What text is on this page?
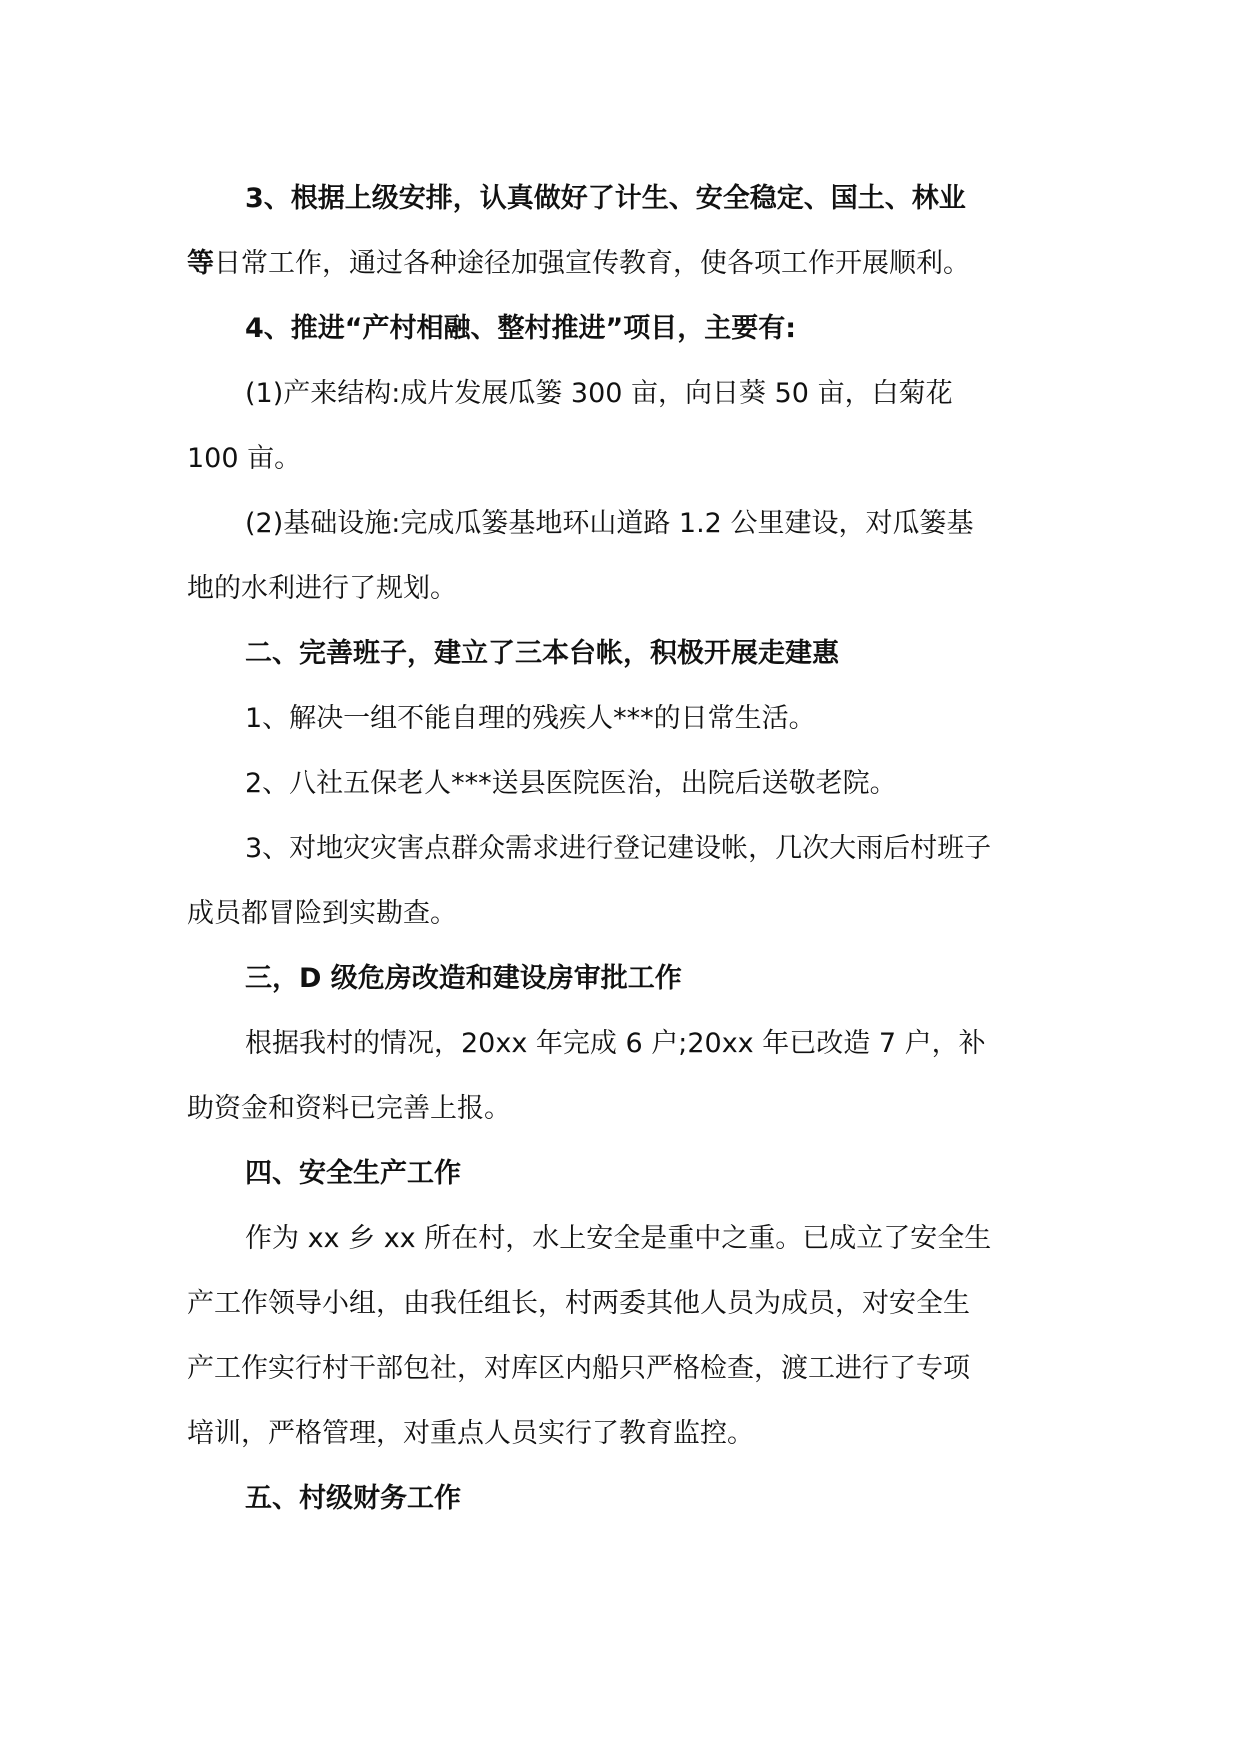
3、根据上级安排，认真做好了计生、安全稳定、国土、林业
等日常工作，通过各种途径加强宣传教育，使各项工作开展顺利。
4、推进“产村相融、整村推进”项目，主要有:
(1)产来结构:成片发展瓜篓 300 亩，向日葵 50 亩，白菊花
100 亩。
(2)基础设施:完成瓜篓基地环山道路 1.2 公里建设，对瓜篓基
地的水利进行了规划。
二、完善班子，建立了三本台帐，积极开展走建惠
1、解决一组不能自理的残疾人***的日常生活。
2、八社五保老人***送县医院医治，出院后送敬老院。
3、对地灾灾害点群众需求进行登记建设帐，几次大雨后村班子
成员都冒险到实勘查。
三，D 级危房改造和建设房审批工作
根据我村的情况，20xx 年完成 6 户;20xx 年已改造 7 户，补
助资金和资料已完善上报。
四、安全生产工作
作为 xx 乡 xx 所在村，水上安全是重中之重。已成立了安全生
产工作领导小组，由我任组长，村两委其他人员为成员，对安全生
产工作实行村干部包社，对库区内船只严格检查，渡工进行了专项
培训，严格管理，对重点人员实行了教育监控。
五、村级财务工作
